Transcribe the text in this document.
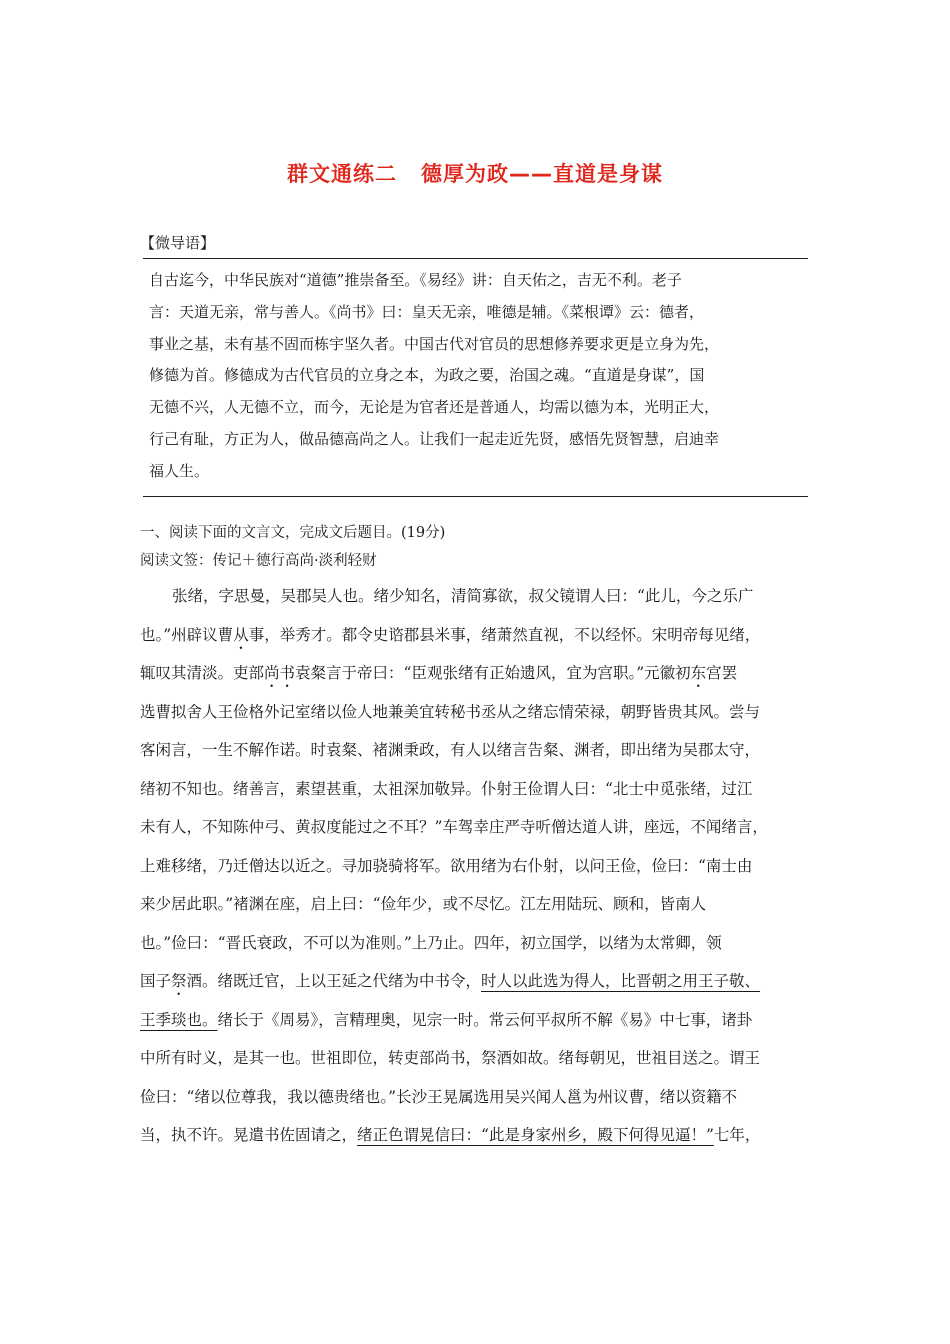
群文通练二 德厚为政——直道是身谋
【微导语】
自古迄今，中华民族对“道德”推崇备至。《易经》讲：自天佑之，吉无不利。老子
言：天道无亲，常与善人。《尚书》曰：皇天无亲，唯德是辅。《菜根谭》云：德者，
事业之基，未有基不固而栋宇坚久者。中国古代对官员的思想修养要求更是立身为先，
修德为首。修德成为古代官员的立身之本，为政之要，治国之魂。“直道是身谋”，国
无德不兴，人无德不立，而今，无论是为官者还是普通人，均需以德为本，光明正大，
行己有耻，方正为人，做品德高尚之人。让我们一起走近先贤，感悟先贤智慧，启迪幸
福人生。
一、阅读下面的文言文，完成文后题目。(19分)
阅读文签：传记＋德行高尚·淡利轻财
张绪，字思曼，吴郡吴人也。绪少知名，清简寡欲，叔父镜谓人曰：“此儿，今之乐广
也。”州辟议曹从事，举秀才。都令史谘郡县米事，绪萧然直视，不以经怀。宋明帝每见绪，
辄叹其清淡。吏部尚书袁粲言于帝曰：“臣观张绪有正始遗风，宜为宫职。”元徽初东宫罢
选曹拟舍人王俭格外记室绪以俭人地兼美宜转秘书丞从之绪忘情荣禄，朝野皆贵其风。尝与
客闲言，一生不解作诺。时袁粲、褚渊秉政，有人以绪言告粲、渊者，即出绪为吴郡太守，
绪初不知也。绪善言，素望甚重，太祖深加敬异。仆射王俭谓人曰：“北士中觅张绪，过江
未有人，不知陈仲弓、黄叔度能过之不耳？”车驾幸庄严寺听僧达道人讲，座远，不闻绪言，
上难移绪，乃迁僧达以近之。寻加骁骑将军。欲用绪为右仆射，以问王俭，俭曰：“南士由
来少居此职。”褚渊在座，启上曰：“俭年少，或不尽忆。江左用陆玩、顾和，皆南人
也。”俭曰：“晋氏衰政，不可以为准则。”上乃止。四年，初立国学，以绪为太常卿，领
国子祭酒。绪既迁官，上以王延之代绪为中书令，时人以此选为得人，比晋朝之用王子敬、
王季琰也。绪长于《周易》，言精理奥，见宗一时。常云何平叔所不解《易》中七事，诸卦
中所有时义，是其一也。世祖即位，转吏部尚书，祭酒如故。绪每朝见，世祖目送之。谓王
俭曰：“绪以位尊我，我以德贵绪也。”长沙王晃属选用吴兴闻人邕为州议曹，绪以资籍不
当，执不许。晃遣书佐固请之，绪正色谓晃信曰：“此是身家州乡，殿下何得见逼！”七年，
